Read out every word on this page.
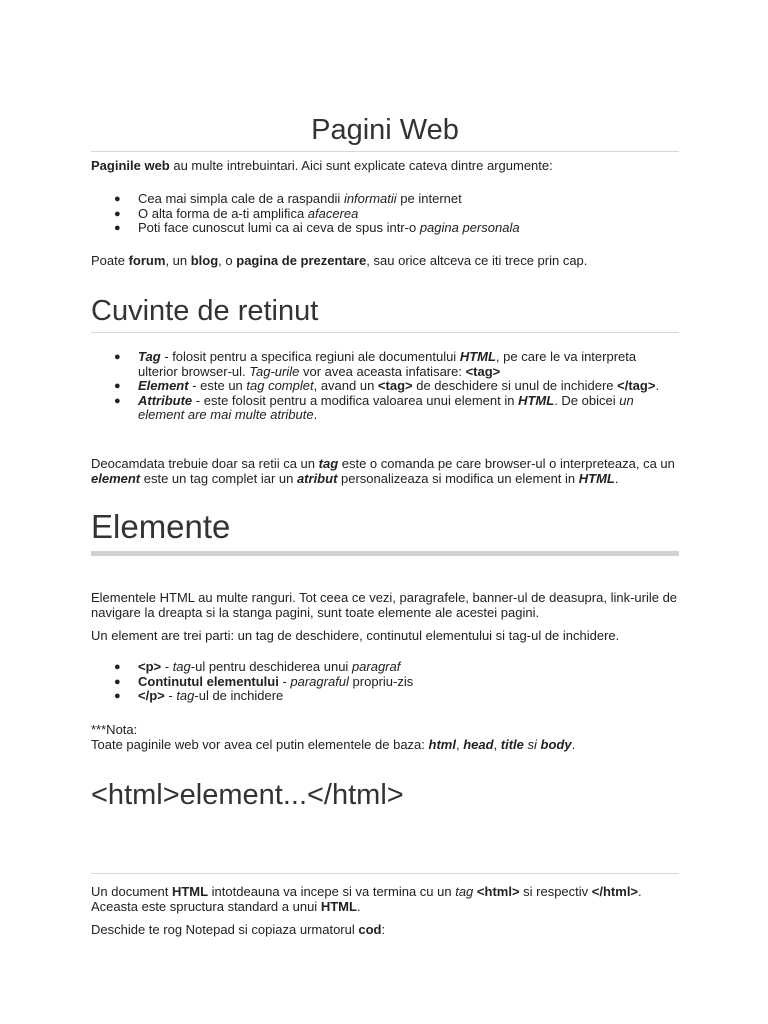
Pagini Web

Paginile web au multe intrebuintari. Aici sunt explicate cateva dintre argumente:

● Cea mai simpla cale de a raspandii informatii pe internet
● O alta forma de a-ti amplifica afacerea
● Poti face cunoscut lumi ca ai ceva de spus intr-o pagina personala

Poate forum, un blog, o pagina de prezentare, sau orice altceva ce iti trece prin cap.

Cuvinte de retinut
● Tag - folosit pentru a specifica regiuni ale documentului HTML, pe care le va interpreta ulterior browser-ul. Tag-urile vor avea aceasta infatisare: <tag>
● Element - este un tag complet, avand un <tag> de deschidere si unul de inchidere </tag>.
● Attribute - este folosit pentru a modifica valoarea unui element in HTML. De obicei un element are mai multe atribute.

Deocamdata trebuie doar sa retii ca un tag este o comanda pe care browser-ul o interpreteaza, ca un element este un tag complet iar un atribut personalizeaza si modifica un element in HTML.

Elemente

Elementele HTML au multe ranguri. Tot ceea ce vezi, paragrafele, banner-ul de deasupra, link-urile de navigare la dreapta si la stanga pagini, sunt toate elemente ale acestei pagini.

Un element are trei parti: un tag de deschidere, continutul elementului si tag-ul de inchidere.

● <p> - tag-ul pentru deschiderea unui paragraf
● Continutul elementului - paragraful propriu-zis
● </p> - tag-ul de inchidere

***Nota:

Toate paginile web vor avea cel putin elementele de baza: html, head, title si body.

<html>element...</html>

Un document HTML intotdeauna va incepe si va termina cu un tag <html> si respectiv </html>. Aceasta este spructura standard a unui HTML.

Deschide te rog Notepad si copiaza urmatorul cod:
